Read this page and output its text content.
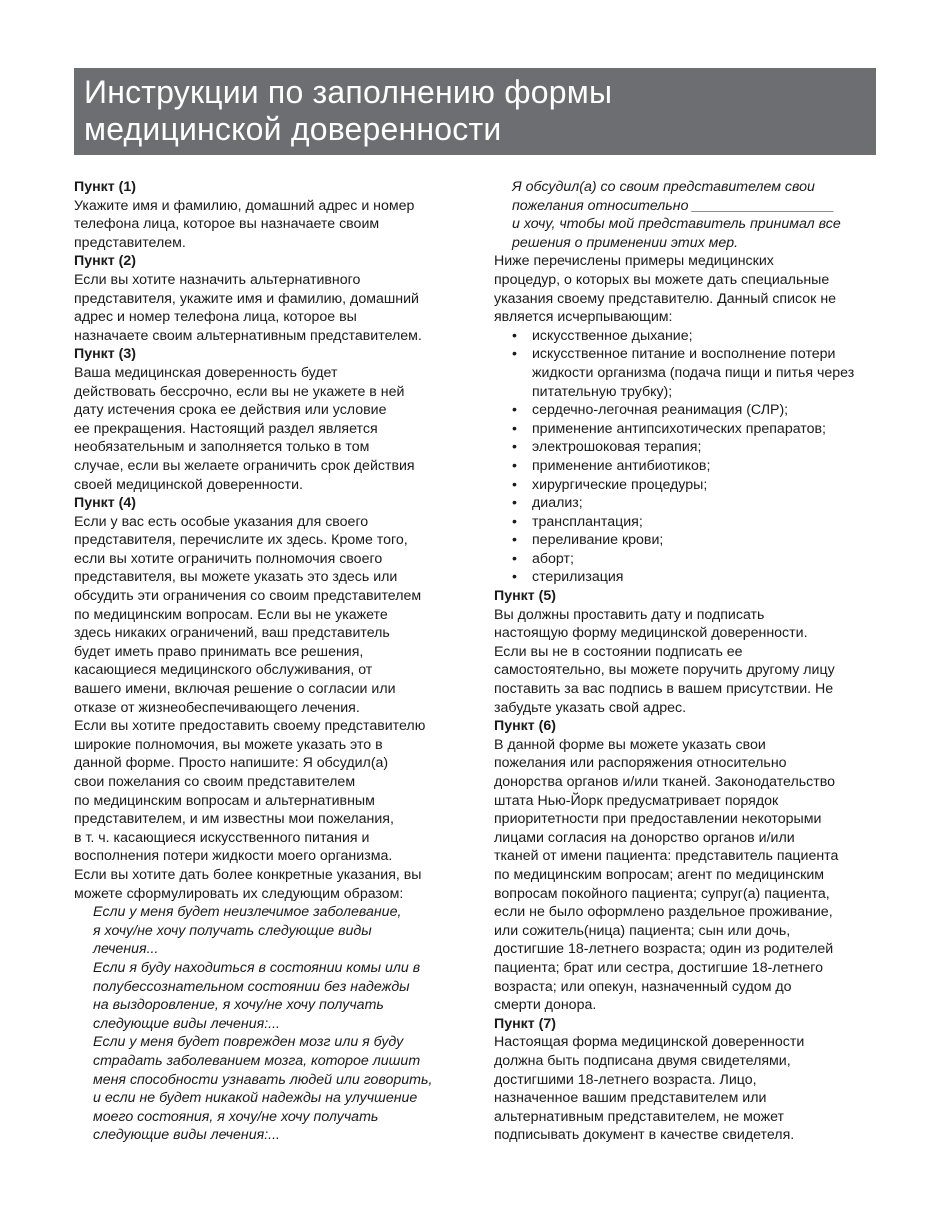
Инструкции по заполнению формы
медицинской доверенности
Пункт (1)
Укажите имя и фамилию, домашний адрес и номер
телефона лица, которое вы назначаете своим
представителем.
Пункт (2)
Если вы хотите назначить альтернативного
представителя, укажите имя и фамилию, домашний
адрес и номер телефона лица, которое вы
назначаете своим альтернативным представителем.
Пункт (3)
Ваша медицинская доверенность будет
действовать бессрочно, если вы не укажете в ней
дату истечения срока ее действия или условие
ее прекращения. Настоящий раздел является
необязательным и заполняется только в том
случае, если вы желаете ограничить срок действия
своей медицинской доверенности.
Пункт (4)
Если у вас есть особые указания для своего
представителя, перечислите их здесь. Кроме того,
если вы хотите ограничить полномочия своего
представителя, вы можете указать это здесь или
обсудить эти ограничения со своим представителем
по медицинским вопросам. Если вы не укажете
здесь никаких ограничений, ваш представитель
будет иметь право принимать все решения,
касающиеся медицинского обслуживания, от
вашего имени, включая решение о согласии или
отказе от жизнеобеспечивающего лечения.
Если вы хотите предоставить своему представителю
широкие полномочия, вы можете указать это в
данной форме. Просто напишите: Я обсудил(а)
свои пожелания со своим представителем
по медицинским вопросам и альтернативным
представителем, и им известны мои пожелания,
в т. ч. касающиеся искусственного питания и
восполнения потери жидкости моего организма.
Если вы хотите дать более конкретные указания, вы
можете сформулировать их следующим образом:
Если у меня будет неизлечимое заболевание,
я хочу/не хочу получать следующие виды
лечения...
Если я буду находиться в состоянии комы или в
полубессознательном состоянии без надежды
на выздоровление, я хочу/не хочу получать
следующие виды лечения:...
Если у меня будет поврежден мозг или я буду
страдать заболеванием мозга, которое лишит
меня способности узнавать людей или говорить,
и если не будет никакой надежды на улучшение
моего состояния, я хочу/не хочу получать
следующие виды лечения:...
Я обсудил(а) со своим представителем свои
пожелания относительно __________________
и хочу, чтобы мой представитель принимал все
решения о применении этих мер.
Ниже перечислены примеры медицинских
процедур, о которых вы можете дать специальные
указания своему представителю. Данный список не
является исчерпывающим:
• искусственное дыхание;
• искусственное питание и восполнение потери жидкости организма (подача пищи и питья через питательную трубку);
• сердечно-легочная реанимация (СЛР);
• применение антипсихотических препаратов;
• электрошоковая терапия;
• применение антибиотиков;
• хирургические процедуры;
• диализ;
• трансплантация;
• переливание крови;
• аборт;
• стерилизация
Пункт (5)
Вы должны проставить дату и подписать
настоящую форму медицинской доверенности.
Если вы не в состоянии подписать ее
самостоятельно, вы можете поручить другому лицу
поставить за вас подпись в вашем присутствии. Не
забудьте указать свой адрес.
Пункт (6)
В данной форме вы можете указать свои
пожелания или распоряжения относительно
донорства органов и/или тканей. Законодательство
штата Нью-Йорк предусматривает порядок
приоритетности при предоставлении некоторыми
лицами согласия на донорство органов и/или
тканей от имени пациента: представитель пациента
по медицинским вопросам; агент по медицинским
вопросам покойного пациента; супруг(а) пациента,
если не было оформлено раздельное проживание,
или сожитель(ница) пациента; сын или дочь,
достигшие 18-летнего возраста; один из родителей
пациента; брат или сестра, достигшие 18-летнего
возраста; или опекун, назначенный судом до
смерти донора.
Пункт (7)
Настоящая форма медицинской доверенности
должна быть подписана двумя свидетелями,
достигшими 18-летнего возраста. Лицо,
назначенное вашим представителем или
альтернативным представителем, не может
подписывать документ в качестве свидетеля.
